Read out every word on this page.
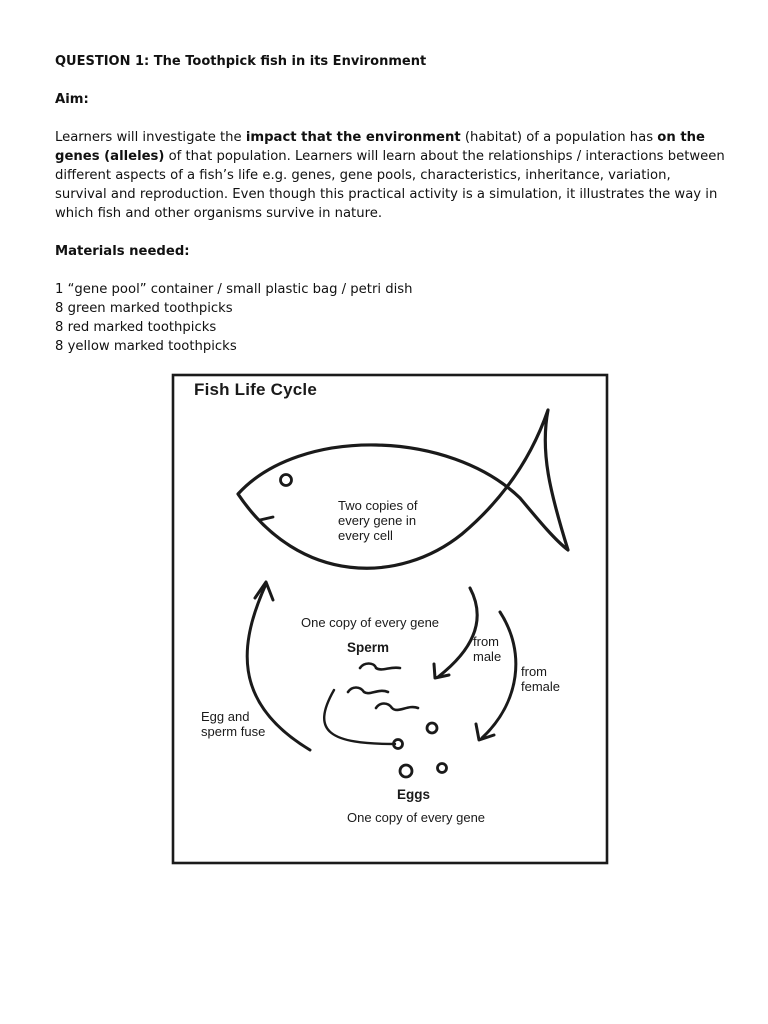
QUESTION 1: The Toothpick fish in its Environment

Aim:

Learners will investigate the impact that the environment (habitat) of a population has on the genes (alleles) of that population. Learners will learn about the relationships / interactions between different aspects of a fish’s life e.g. genes, gene pools, characteristics, inheritance, variation, survival and reproduction. Even though this practical activity is a simulation, it illustrates the way in which fish and other organisms survive in nature.

Materials needed:

1 “gene pool” container / small plastic bag / petri dish
8 green marked toothpicks
8 red marked toothpicks
8 yellow marked toothpicks

Fish Life Cycle

Two copies of
every gene in
every cell

One copy of every gene

Sperm	from
male
from
female
Egg and
sperm fuse

Eggs

One copy of every gene
